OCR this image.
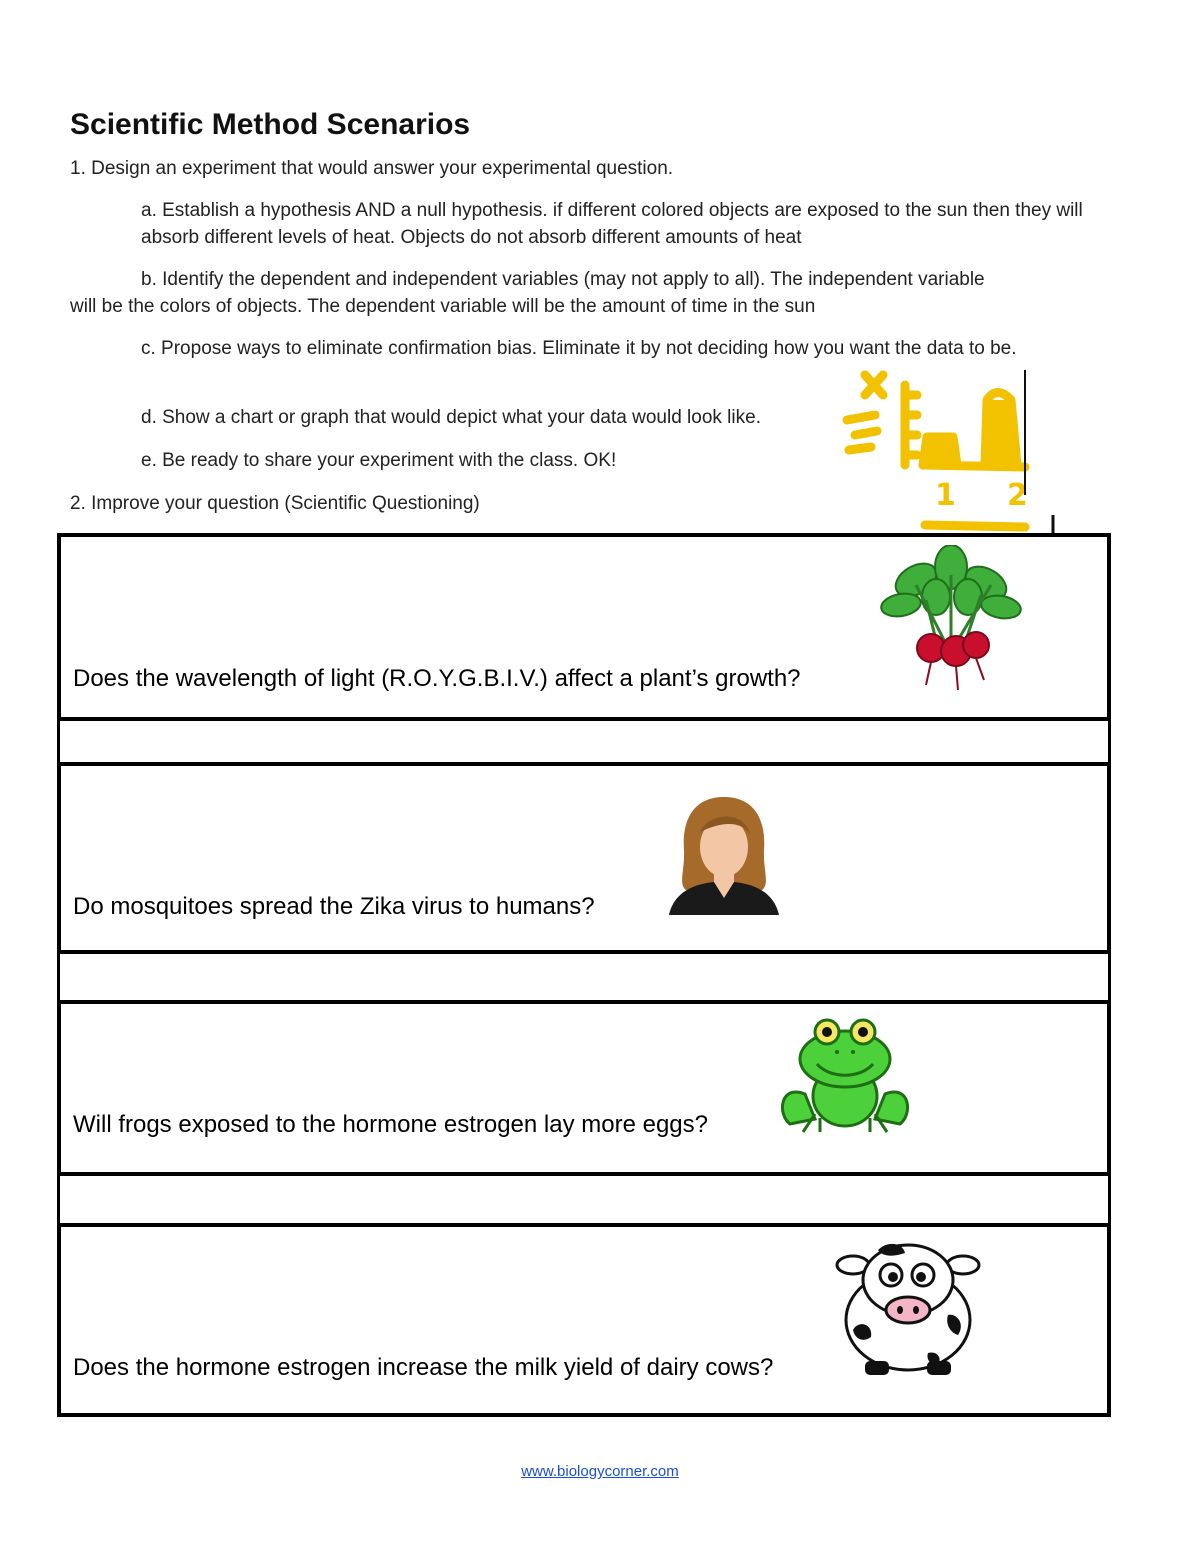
Scientific Method Scenarios
1. Design an experiment that would answer your experimental question.
a. Establish a hypothesis AND a null hypothesis. if different colored objects are exposed to the sun then they will absorb different levels of heat. Objects do not absorb different amounts of heat
b. Identify the dependent and independent variables (may not apply to all). The independent variable
will be the colors of objects. The dependent variable will be the amount of time in the sun
c. Propose ways to eliminate confirmation bias. Eliminate it by not deciding how you want the data to be.
d. Show a chart or graph that would depict what your data would look like.
e. Be ready to share your experiment with the class. OK!
2. Improve your question (Scientific Questioning)	1 2
Does the wavelength of light (R.O.Y.G.B.I.V.) affect a plant’s growth?
Do mosquitoes spread the Zika virus to humans?
Will frogs exposed to the hormone estrogen lay more eggs?
Does the hormone estrogen increase the milk yield of dairy cows?
www.biologycorner.com
